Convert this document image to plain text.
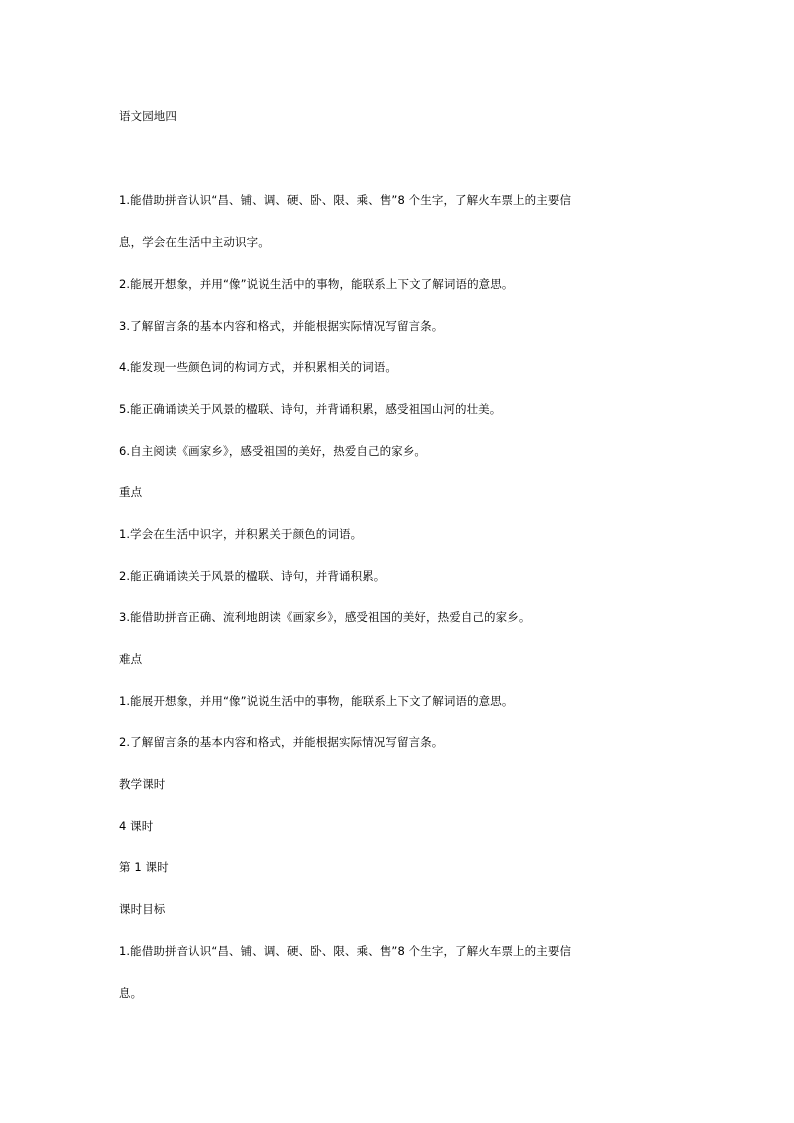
语文园地四
1.能借助拼音认识“昌、铺、调、硬、卧、限、乘、售”8 个生字，了解火车票上的主要信
息，学会在生活中主动识字。
2.能展开想象，并用“像”说说生活中的事物，能联系上下文了解词语的意思。
3.了解留言条的基本内容和格式，并能根据实际情况写留言条。
4.能发现一些颜色词的构词方式，并积累相关的词语。
5.能正确诵读关于风景的楹联、诗句，并背诵积累，感受祖国山河的壮美。
6.自主阅读《画家乡》，感受祖国的美好，热爱自己的家乡。
重点
1.学会在生活中识字，并积累关于颜色的词语。
2.能正确诵读关于风景的楹联、诗句，并背诵积累。
3.能借助拼音正确、流利地朗读《画家乡》，感受祖国的美好，热爱自己的家乡。
难点
1.能展开想象，并用“像”说说生活中的事物，能联系上下文了解词语的意思。
2.了解留言条的基本内容和格式，并能根据实际情况写留言条。
教学课时
4 课时
第 1 课时
课时目标
1.能借助拼音认识“昌、铺、调、硬、卧、限、乘、售”8 个生字，了解火车票上的主要信
息。
